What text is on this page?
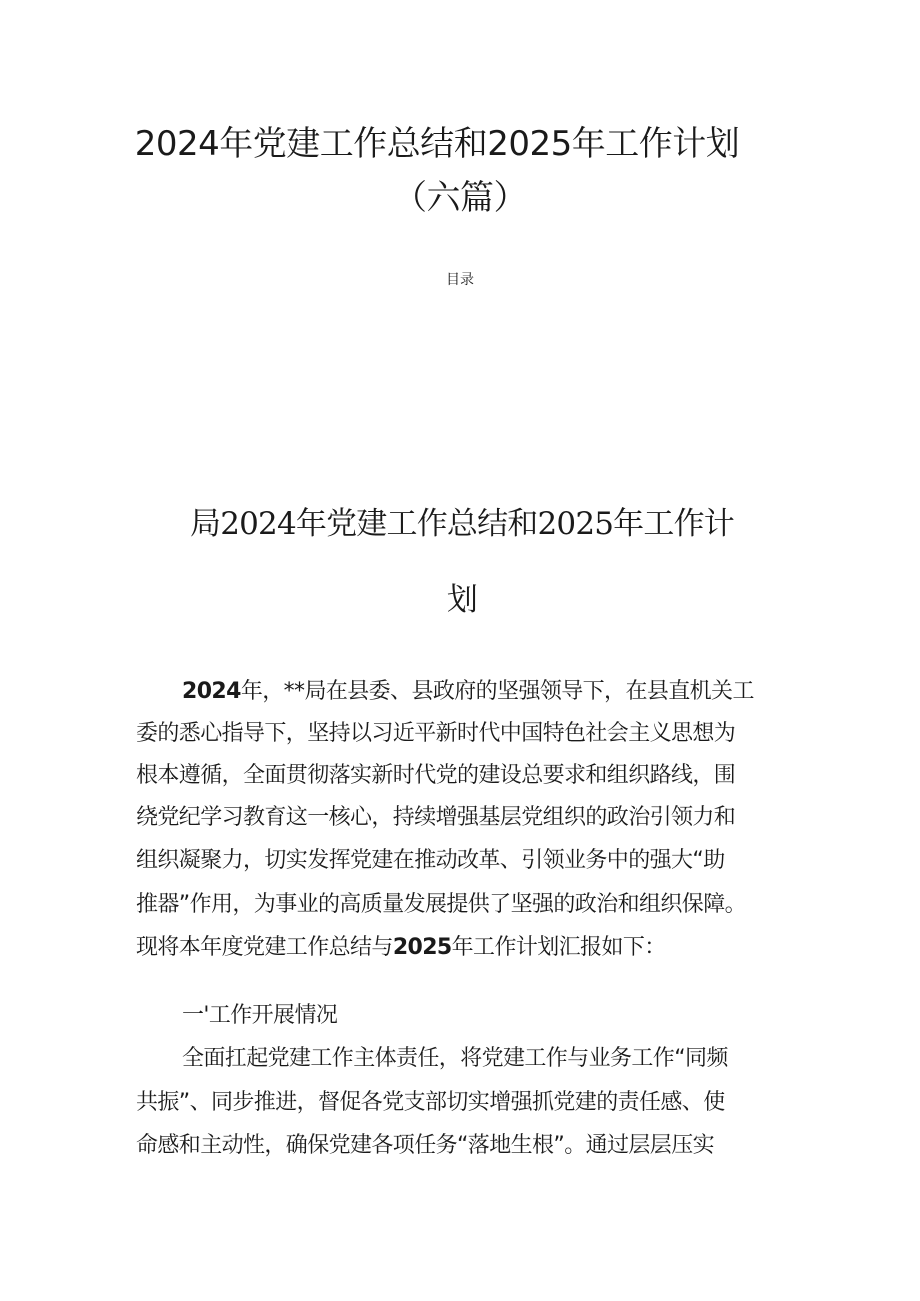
2024年党建工作总结和2025年工作计划
（六篇）
目录
局2024年党建工作总结和2025年工作计
划
2024年，**局在县委、县政府的坚强领导下，在县直机关工
委的悉心指导下，坚持以习近平新时代中国特色社会主义思想为
根本遵循，全面贯彻落实新时代党的建设总要求和组织路线，围
绕党纪学习教育这一核心，持续增强基层党组织的政治引领力和
组织凝聚力，切实发挥党建在推动改革、引领业务中的强大“助
推器”作用，为事业的高质量发展提供了坚强的政治和组织保障。
现将本年度党建工作总结与2025年工作计划汇报如下：
一'工作开展情况
全面扛起党建工作主体责任，将党建工作与业务工作“同频
共振”、同步推进，督促各党支部切实增强抓党建的责任感、使
命感和主动性，确保党建各项任务“落地生根”。通过层层压实
